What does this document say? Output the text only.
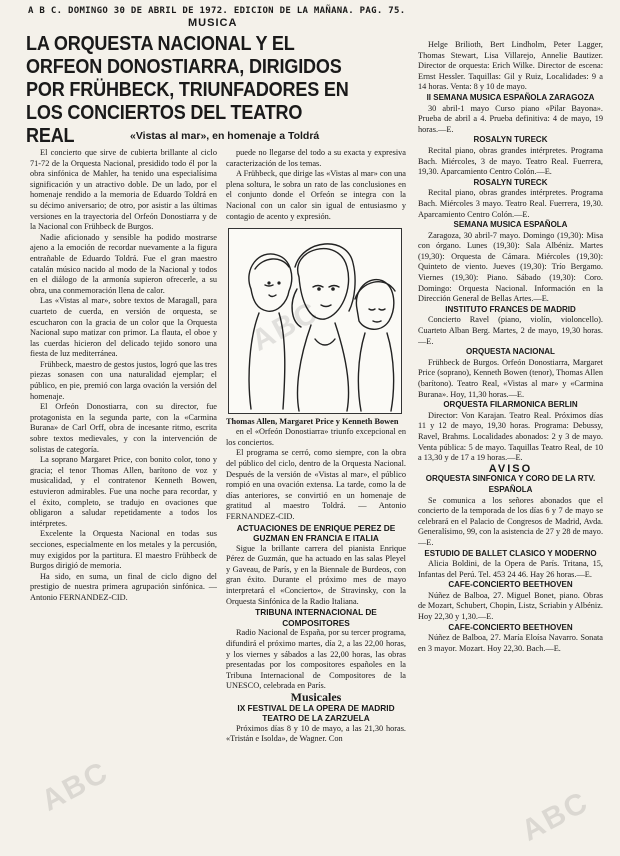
A B C. DOMINGO 30 DE ABRIL DE 1972. EDICION DE LA MAÑANA. PAG. 75.
MUSICA
LA ORQUESTA NACIONAL Y EL ORFEON DONOSTIARRA, DIRIGIDOS POR FRÜHBECK, TRIUNFADORES EN LOS CONCIERTOS DEL TEATRO REAL	«Vistas al mar», en homenaje a Toldrá

El concierto que sirve de cubierta brillante al ciclo 71-72 de la Orquesta Nacional, presidido todo él por la obra sinfónica de Mahler, ha tenido una especialísima significación y un atractivo doble. De un lado, por el homenaje rendido a la memoria de Eduardo Toldrá en su décimo aniversario; de otro, por asistir a las últimas versiones en la trayectoria del Orfeón Donostiarra y de la Nacional con Frühbeck de Burgos.

Nadie aficionado y sensible ha podido mostrarse ajeno a la emoción de recordar nuevamente a la figura entrañable de Eduardo Toldrá. Fue el gran maestro catalán músico nacido al modo de la Nacional y todos en el diálogo de la armonía supieron ofrecerle, a su obra, una conmemoración llena de calor.

Las «Vistas al mar», sobre textos de Maragall, para cuarteto de cuerda, en versión de orquesta, se escucharon con la gracia de un color que la Orquesta Nacional supo matizar con primor. La flauta, el oboe y las cuerdas hicieron del delicado tejido sonoro una fiesta de luz mediterránea.

Frühbeck, maestro de gestos justos, logró que las tres piezas sonasen con una naturalidad ejemplar; el público, en pie, premió con larga ovación la versión del homenaje.

El Orfeón Donostiarra, con su director, fue protagonista en la segunda parte, con la «Carmina Burana» de Carl Orff, obra de incesante ritmo, escrita sobre textos medievales, y con la intervención de solistas de categoría.

La soprano Margaret Price, con bonito color, tono y gracia; el tenor Thomas Allen, barítono de voz y musicalidad, y el contratenor Kenneth Bowen, estuvieron admirables. Fue una noche para recordar, y el éxito, completo, se tradujo en ovaciones que obligaron a saludar repetidamente a todos los intérpretes.

Excelente la Orquesta Nacional en todas sus secciones, especialmente en los metales y la percusión, muy exigidos por la partitura. El maestro Frühbeck de Burgos dirigió de memoria.

Ha sido, en suma, un final de ciclo digno del prestigio de nuestra primera agrupación sinfónica. — Antonio FERNANDEZ-CID.

puede no llegarse del todo a su exacta y expresiva caracterización de los temas.

A Frühbeck, que dirige las «Vistas al mar» con una plena soltura, le sobra un rato de las conclusiones en el conjunto donde el Orfeón se integra con la Nacional con un calor sin igual de entusiasmo y contagio de acento y expresión.

Thomas Allen, Margaret Price y Kenneth Bowen

en el «Orfeón Donostiarra» triunfo excepcional en los conciertos.

El programa se cerró, como siempre, con la obra del público del ciclo, dentro de la Orquesta Nacional. Después de la versión de «Vistas al mar», el público rompió en una ovación extensa. La tarde, como la de días anteriores, se convirtió en un homenaje de gratitud al maestro Toldrá. — Antonio FERNANDEZ-CID.

ACTUACIONES DE ENRIQUE PEREZ DE GUZMAN EN FRANCIA E ITALIA

Sigue la brillante carrera del pianista Enrique Pérez de Guzmán, que ha actuado en las salas Pleyel y Gaveau, de París, y en la Biennale de Burdeos, con gran éxito. Durante el próximo mes de mayo interpretará el «Concierto», de Stravinsky, con la Orquesta Sinfónica de la Radio Italiana.

TRIBUNA INTERNACIONAL DE COMPOSITORES

Radio Nacional de España, por su tercer programa, difundirá el próximo martes, día 2, a las 22,00 horas, y los viernes y sábados a las 22,00 horas, las obras presentadas por los compositores españoles en la Tribuna Internacional de Compositores de la UNESCO, celebrada en París.

Musicales

IX FESTIVAL DE LA OPERA DE MADRID TEATRO DE LA ZARZUELA

Próximos días 8 y 10 de mayo, a las 21,30 horas. «Tristán e Isolda», de Wagner. Con

Helge Brilioth, Bert Lindholm, Peter Lagger, Thomas Stewart, Lisa Villarejo, Annelie Bautizer. Director de orquesta: Erich Wilke. Director de escena: Ernst Hessler. Taquillas: Gil y Ruiz, Localidades: 9 a 14 horas. Venta: 8 y 10 de mayo.

II SEMANA MUSICA ESPAÑOLA ZARAGOZA

30 abril-1 mayo Curso piano «Pilar Bayona». Prueba de abril a 4. Prueba definitiva: 4 de mayo, 19 horas.—E.

ROSALYN TURECK

Recital piano, obras grandes intérpretes. Programa Bach. Miércoles, 3 de mayo. Teatro Real. Fuerrera, 19,30. Aparcamiento Centro Colón.—E.

ROSALYN TURECK

Recital piano, obras grandes intérpretes. Programa Bach. Miércoles 3 mayo. Teatro Real. Fuerrera, 19,30. Aparcamiento Centro Colón.—E.

SEMANA MUSICA ESPAÑOLA

Zaragoza, 30 abril-7 mayo. Domingo (19,30): Misa con órgano. Lunes (19,30): Sala Albéniz. Martes (19,30): Orquesta de Cámara. Miércoles (19,30): Quinteto de viento. Jueves (19,30): Trío Bergamo. Viernes (19,30): Piano. Sábado (19,30): Coro. Domingo: Orquesta Nacional. Información en la Dirección General de Bellas Artes.—E.

INSTITUTO FRANCES DE MADRID

Concierto Ravel (piano, violín, violoncello). Cuarteto Alban Berg. Martes, 2 de mayo, 19,30 horas.—E.

ORQUESTA NACIONAL

Frühbeck de Burgos. Orfeón Donostiarra, Margaret Price (soprano), Kenneth Bowen (tenor), Thomas Allen (barítono). Teatro Real, «Vistas al mar» y «Carmina Burana». Hoy, 11,30 horas.—E.

ORQUESTA FILARMONICA BERLIN

Director: Von Karajan. Teatro Real. Próximos días 11 y 12 de mayo, 19,30 horas. Programa: Debussy, Ravel, Brahms. Localidades abonados: 2 y 3 de mayo. Venta pública: 5 de mayo. Taquillas Teatro Real, de 10 a 13,30 y de 17 a 19 horas.—E.

AVISO

ORQUESTA SINFONICA Y CORO DE LA RTV. ESPAÑOLA

Se comunica a los señores abonados que el concierto de la temporada de los días 6 y 7 de mayo se celebrará en el Palacio de Congresos de Madrid, Avda. Generalísimo, 99, con la asistencia de 27 y 28 de mayo.—E.

ESTUDIO DE BALLET CLASICO Y MODERNO

Alicia Boldini, de la Opera de París. Tritana, 15, Infantas del Perú. Tel. 453 24 46. Hay 26 horas.—E.

CAFE-CONCIERTO BEETHOVEN

Núñez de Balboa, 27. Miguel Bonet, piano. Obras de Mozart, Schubert, Chopin, Listz, Scriabin y Albéniz. Hoy 22,30 y 1,30.—E.

CAFE-CONCIERTO BEETHOVEN

Núñez de Balboa, 27. María Eloísa Navarro. Sonata en 3 mayor. Mozart. Hoy 22,30. Bach.—E.

ABC
ABC	ABC
